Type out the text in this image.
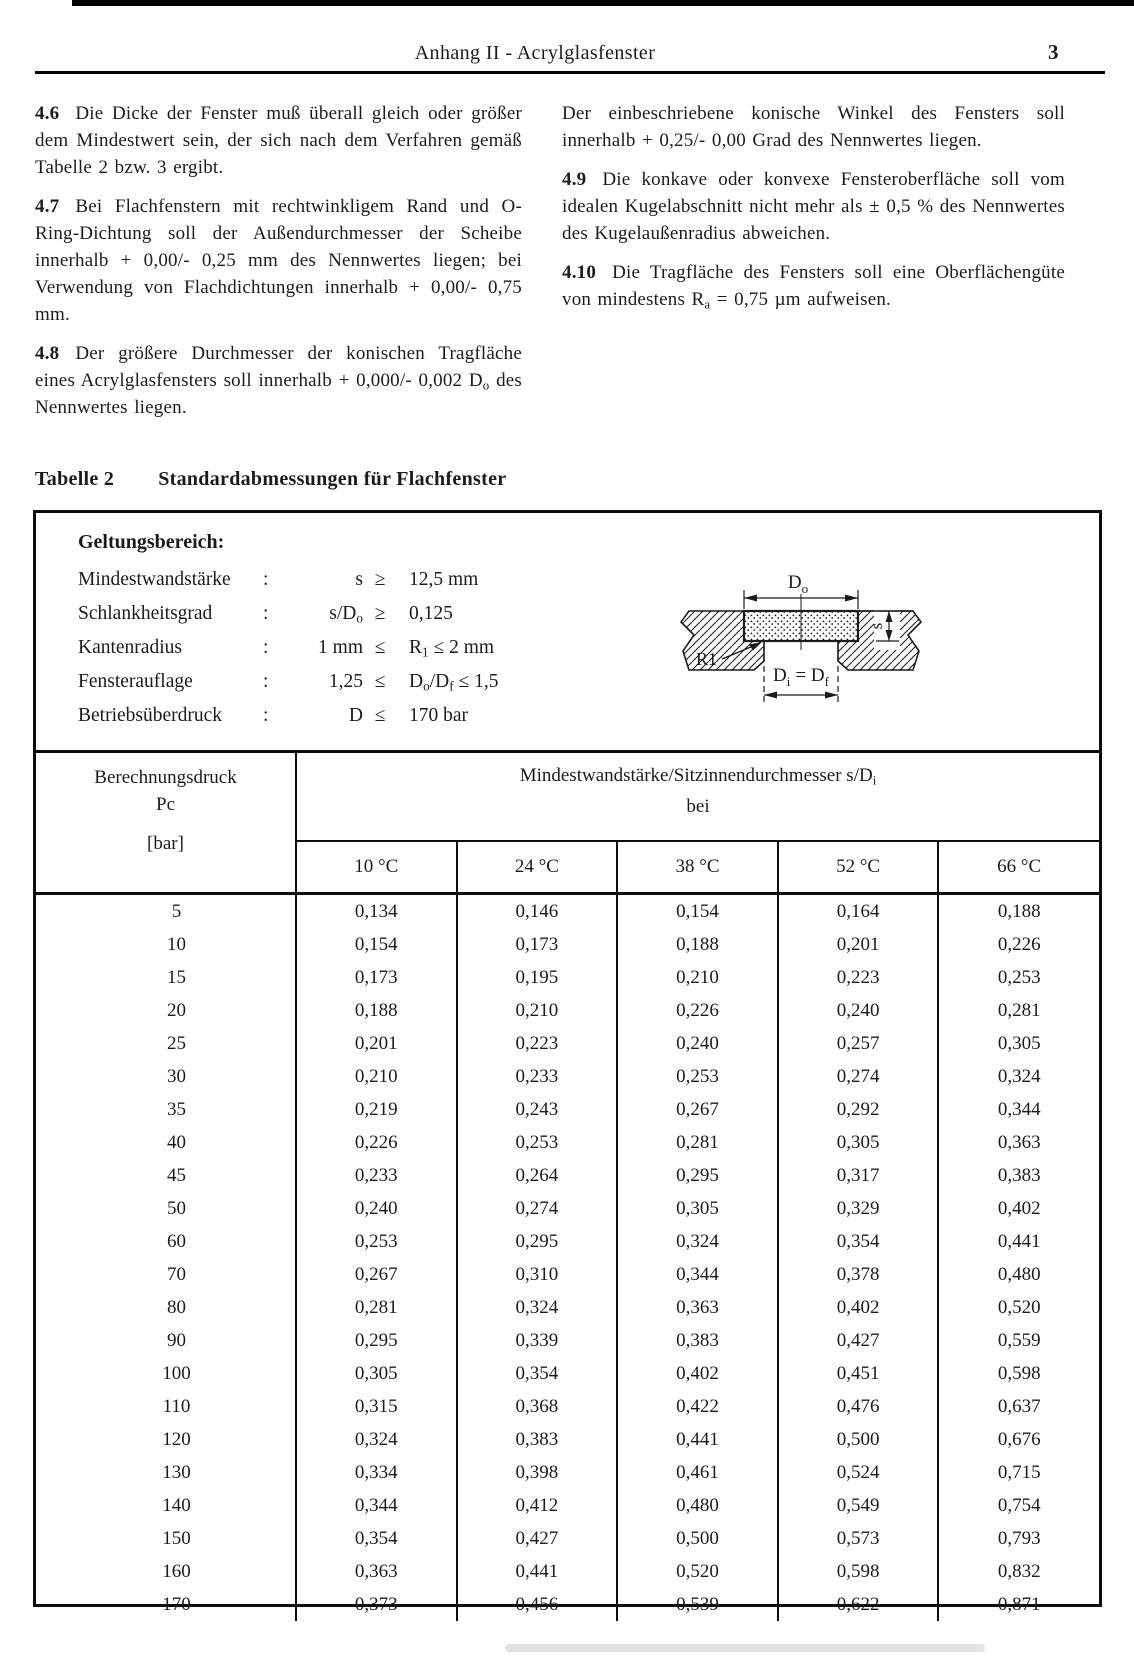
Anhang II - Acrylglasfenster	3

4.6 Die Dicke der Fenster muß überall gleich oder größer dem Mindestwert sein, der sich nach dem Verfahren gemäß Tabelle 2 bzw. 3 ergibt.

4.7 Bei Flachfenstern mit rechtwinkligem Rand und O-Ring-Dichtung soll der Außendurchmesser der Scheibe innerhalb + 0,00/- 0,25 mm des Nennwertes liegen; bei Verwendung von Flachdichtungen innerhalb + 0,00/- 0,75 mm.

4.8 Der größere Durchmesser der konischen Tragfläche eines Acrylglasfensters soll innerhalb + 0,000/- 0,002 $D_o$ des Nennwertes liegen.

Der einbeschriebene konische Winkel des Fensters soll innerhalb + 0,25/- 0,00 Grad des Nennwertes liegen.

4.9 Die konkave oder konvexe Fensteroberfläche soll vom idealen Kugelabschnitt nicht mehr als ± 0,5 % des Nennwertes des Kugelaußenradius abweichen.

4.10 Die Tragfläche des Fensters soll eine Oberflächengüte von mindestens $R_a = 0,75$ µm aufweisen.

Tabelle 2 Standardabmessungen für Flachfenster
Geltungsbereich:
Mindestwandstärke	:	s ≥	12,5 mm
Schlankheitsgrad	:	$s/D_o$ ≥	0,125
Kantenradius	:	1 mm ≤	$R_1 \le 2$ mm
Fensterauflage	:	1,25 ≤	$D_o/D_f \le 1,5$
Betriebsüberdruck	:	D ≤	170 bar
$D_o$
s
R1
$D_i = D_f$
Berechnungsdruck
Pc
[bar]

Mindestwandstärke/Sitzinnendurchmesser $s/D_i$
bei

	10 °C	24 °C	38 °C	52 °C	66 °C
5	0,134	0,146	0,154	0,164	0,188
10	0,154	0,173	0,188	0,201	0,226
15	0,173	0,195	0,210	0,223	0,253
20	0,188	0,210	0,226	0,240	0,281
25	0,201	0,223	0,240	0,257	0,305
30	0,210	0,233	0,253	0,274	0,324
35	0,219	0,243	0,267	0,292	0,344
40	0,226	0,253	0,281	0,305	0,363
45	0,233	0,264	0,295	0,317	0,383
50	0,240	0,274	0,305	0,329	0,402
60	0,253	0,295	0,324	0,354	0,441
70	0,267	0,310	0,344	0,378	0,480
80	0,281	0,324	0,363	0,402	0,520
90	0,295	0,339	0,383	0,427	0,559
100	0,305	0,354	0,402	0,451	0,598
110	0,315	0,368	0,422	0,476	0,637
120	0,324	0,383	0,441	0,500	0,676
130	0,334	0,398	0,461	0,524	0,715
140	0,344	0,412	0,480	0,549	0,754
150	0,354	0,427	0,500	0,573	0,793
160	0,363	0,441	0,520	0,598	0,832
170	0,373	0,456	0,539	0,622	0,871
